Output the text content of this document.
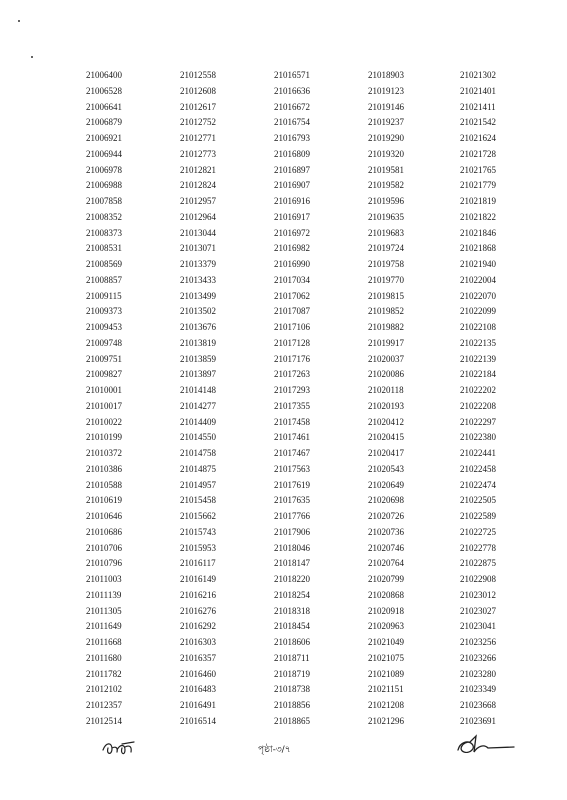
21006400
21006528
21006641
21006879
21006921
21006944
21006978
21006988
21007858
21008352
21008373
21008531
21008569
21008857
21009115
21009373
21009453
21009748
21009751
21009827
21010001
21010017
21010022
21010199
21010372
21010386
21010588
21010619
21010646
21010686
21010706
21010796
21011003
21011139
21011305
21011649
21011668
21011680
21011782
21012102
21012357
21012514
21012558
21012608
21012617
21012752
21012771
21012773
21012821
21012824
21012957
21012964
21013044
21013071
21013379
21013433
21013499
21013502
21013676
21013819
21013859
21013897
21014148
21014277
21014409
21014550
21014758
21014875
21014957
21015458
21015662
21015743
21015953
21016117
21016149
21016216
21016276
21016292
21016303
21016357
21016460
21016483
21016491
21016514
21016571
21016636
21016672
21016754
21016793
21016809
21016897
21016907
21016916
21016917
21016972
21016982
21016990
21017034
21017062
21017087
21017106
21017128
21017176
21017263
21017293
21017355
21017458
21017461
21017467
21017563
21017619
21017635
21017766
21017906
21018046
21018147
21018220
21018254
21018318
21018454
21018606
21018711
21018719
21018738
21018856
21018865
21018903
21019123
21019146
21019237
21019290
21019320
21019581
21019582
21019596
21019635
21019683
21019724
21019758
21019770
21019815
21019852
21019882
21019917
21020037
21020086
21020118
21020193
21020412
21020415
21020417
21020543
21020649
21020698
21020726
21020736
21020746
21020764
21020799
21020868
21020918
21020963
21021049
21021075
21021089
21021151
21021208
21021296
21021302
21021401
21021411
21021542
21021624
21021728
21021765
21021779
21021819
21021822
21021846
21021868
21021940
21022004
21022070
21022099
21022108
21022135
21022139
21022184
21022202
21022208
21022297
21022380
21022441
21022458
21022474
21022505
21022589
21022725
21022778
21022875
21022908
21023012
21023027
21023041
21023256
21023266
21023280
21023349
21023668
21023691
পৃষ্ঠা-৩/৭
